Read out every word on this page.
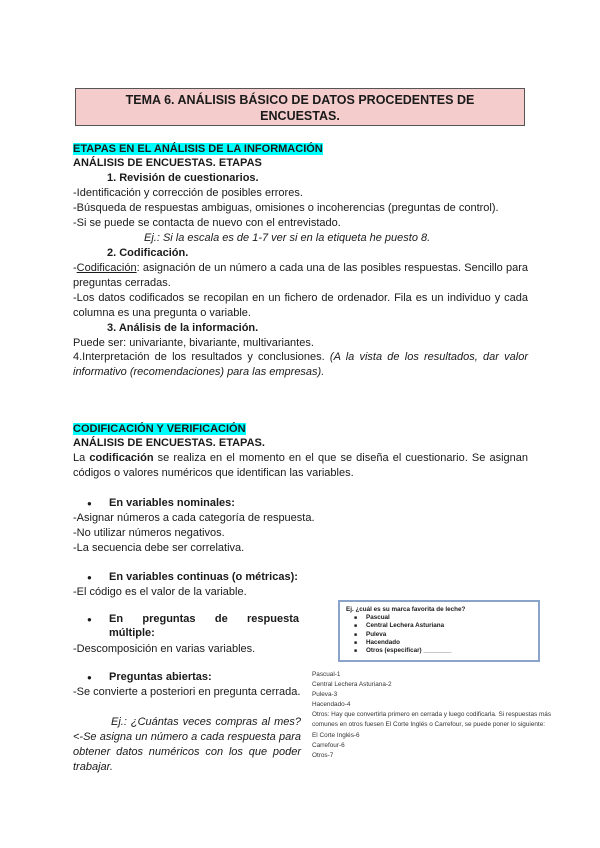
TEMA 6. ANÁLISIS BÁSICO DE DATOS PROCEDENTES DE
ENCUESTAS.
ETAPAS EN EL ANÁLISIS DE LA INFORMACIÓN
ANÁLISIS DE ENCUESTAS. ETAPAS
1. Revisión de cuestionarios.
-Identificación y corrección de posibles errores.
-Búsqueda de respuestas ambiguas, omisiones o incoherencias (preguntas de control).
-Si se puede se contacta de nuevo con el entrevistado.
Ej.: Si la escala es de 1-7 ver si en la etiqueta he puesto 8.
2. Codificación.
-Codificación: asignación de un número a cada una de las posibles respuestas. Sencillo para preguntas cerradas.
-Los datos codificados se recopilan en un fichero de ordenador. Fila es un individuo y cada columna es una pregunta o variable.
3. Análisis de la información.
Puede ser: univariante, bivariante, multivariantes.
4.Interpretación de los resultados y conclusiones. (A la vista de los resultados, dar valor informativo (recomendaciones) para las empresas).
CODIFICACIÓN Y VERIFICACIÓN
ANÁLISIS DE ENCUESTAS. ETAPAS.
La codificación se realiza en el momento en el que se diseña el cuestionario. Se asignan códigos o valores numéricos que identifican las variables.
● En variables nominales:
-Asignar números a cada categoría de respuesta.
-No utilizar números negativos.
-La secuencia debe ser correlativa.
● En variables continuas (o métricas):
-El código es el valor de la variable.
● En preguntas de respuesta múltiple:
-Descomposición en varias variables.
● Preguntas abiertas:
-Se convierte a posteriori en pregunta cerrada.
Ej.: ¿Cuántas veces compras al mes?<-Se asigna un número a cada respuesta para obtener datos numéricos con los que poder trabajar.
Ej. ¿cuál es su marca favorita de leche?
■ Pascual
■ Central Lechera Asturiana
■ Puleva
■ Hacendado
■ Otros (especificar) ________
Pascual-1
Central Lechera Asturiana-2
Puleva-3
Hacendado-4
Otros: Hay que convertirla primero en cerrada y luego codificarla. Si respuestas más
comunes en otros fuesen El Corte Inglés o Carrefour, se puede poner lo siguiente:
El Corte Inglés-6
Carrefour-6
Otros-7
